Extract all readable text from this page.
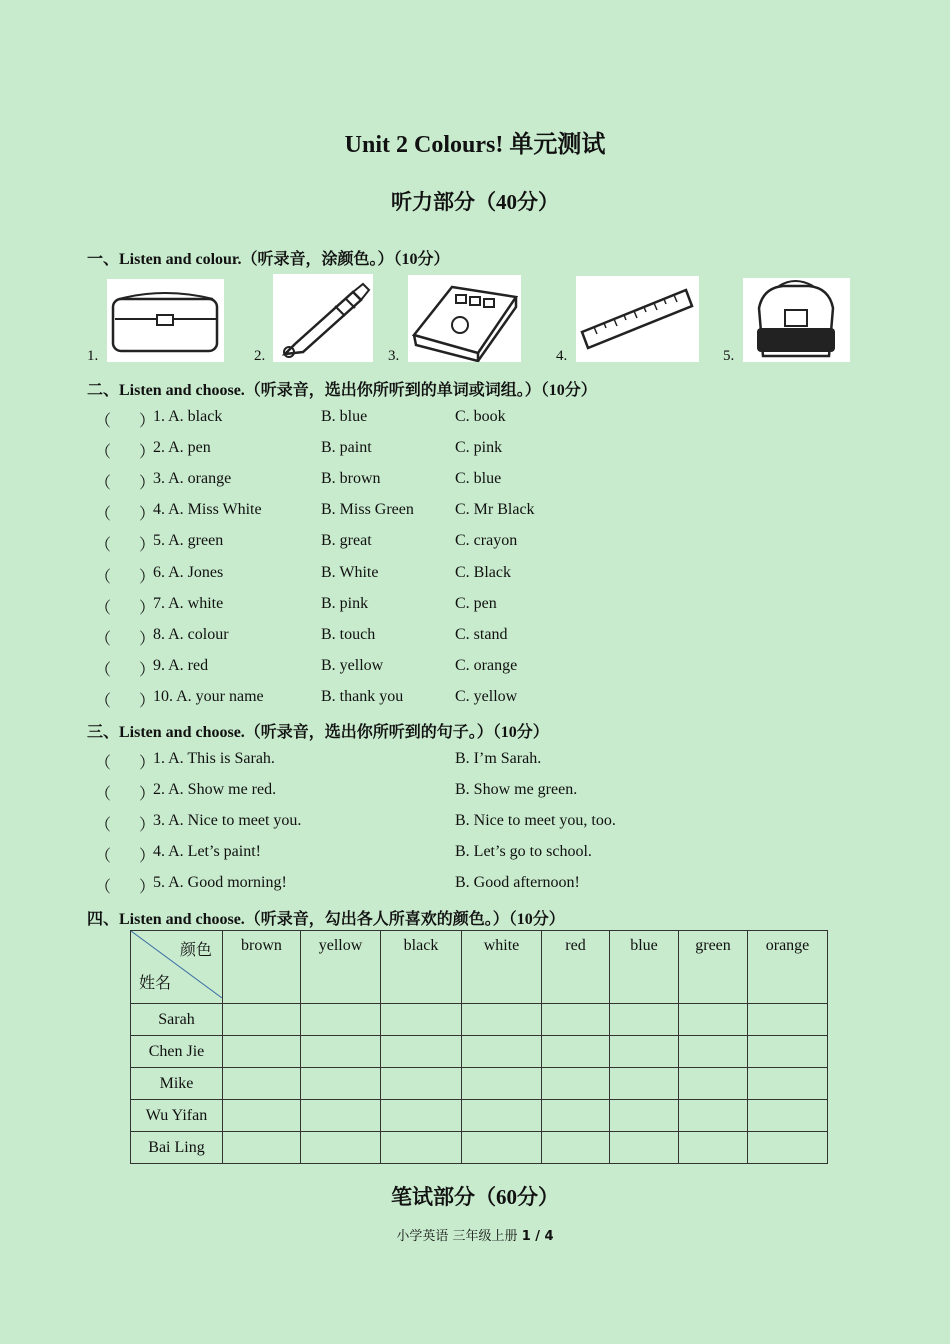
Unit 2 Colours! 单元测试
听力部分（40分）
一、Listen and colour.（听录音，涂颜色。）（10分）
1.	2.	3.	4.	5.
二、Listen and choose.（听录音，选出你所听到的单词或词组。）（10分）
（ ）
1. A. black	B. blue	C. book
（ ）
2. A. pen	B. paint	C. pink
（ ）
3. A. orange	B. brown	C. blue
（ ）
4. A. Miss White	B. Miss Green	C. Mr Black
（ ）
5. A. green	B. great	C. crayon
（ ）
6. A. Jones	B. White	C. Black
（ ）
7. A. white	B. pink	C. pen
（ ）
8. A. colour	B. touch	C. stand
（ ）
9. A. red	B. yellow	C. orange
（ ）
10. A. your name	B. thank you	C. yellow
三、Listen and choose.（听录音，选出你所听到的句子。）（10分）
（ ）
1. A. This is Sarah.	B. I’m Sarah.
（ ）
2. A. Show me red.	B. Show me green.
（ ）
3. A. Nice to meet you.	B. Nice to meet you, too.
（ ）
4. A. Let’s paint!	B. Let’s go to school.
（ ）
5. A. Good morning!	B. Good afternoon!
四、Listen and choose.（听录音，勾出各人所喜欢的颜色。）（10分）
颜色
姓名	brown	yellow	black	white	red	blue	green	orange
Sarah								
Chen Jie								
Mike								
Wu Yifan								
Bai Ling								
笔试部分（60分）
小学英语 三年级上册 1 / 4
